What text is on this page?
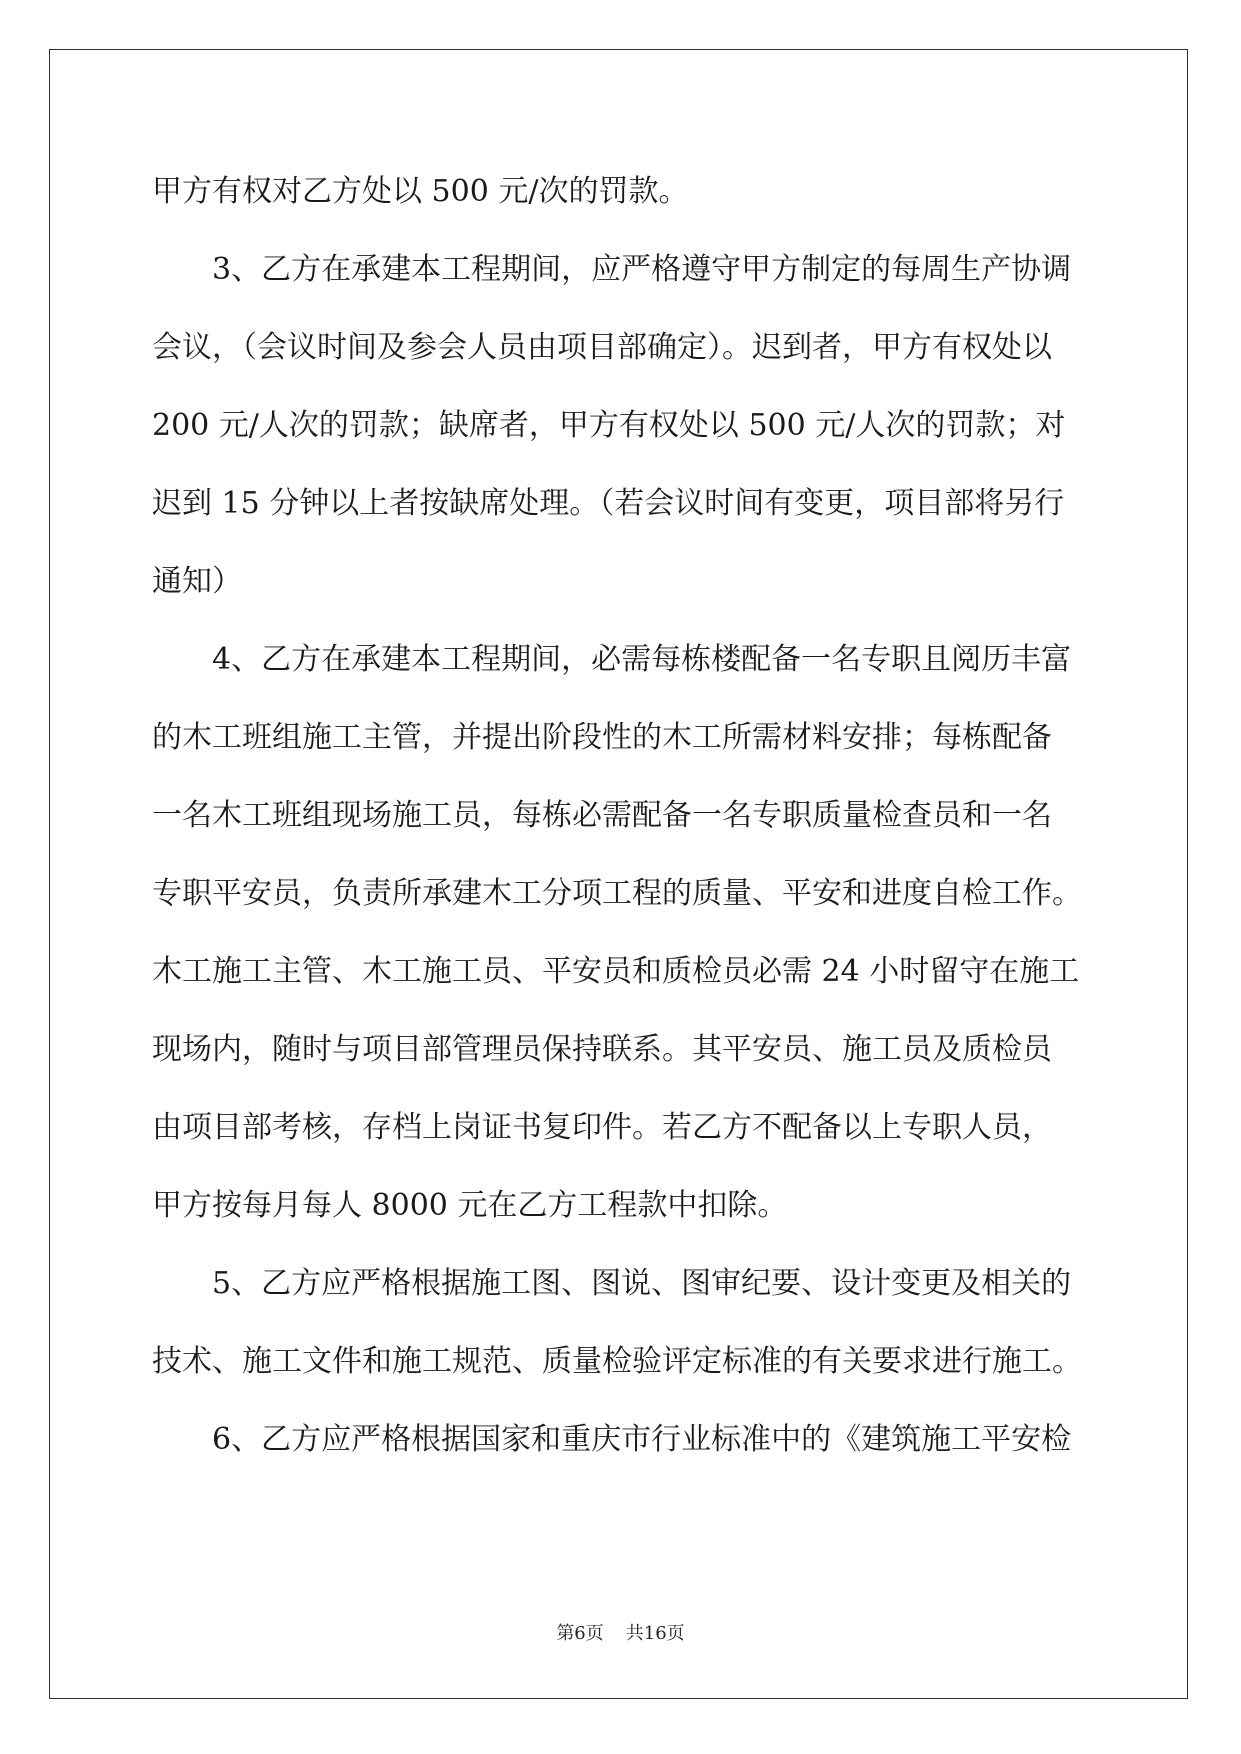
甲方有权对乙方处以 500 元/次的罚款。
　　3、乙方在承建本工程期间，应严格遵守甲方制定的每周生产协调
会议，（会议时间及参会人员由项目部确定）。迟到者，甲方有权处以
200 元/人次的罚款；缺席者，甲方有权处以 500 元/人次的罚款；对
迟到 15 分钟以上者按缺席处理。（若会议时间有变更，项目部将另行
通知）
　　4、乙方在承建本工程期间，必需每栋楼配备一名专职且阅历丰富
的木工班组施工主管，并提出阶段性的木工所需材料安排；每栋配备
一名木工班组现场施工员，每栋必需配备一名专职质量检查员和一名
专职平安员，负责所承建木工分项工程的质量、平安和进度自检工作。
木工施工主管、木工施工员、平安员和质检员必需 24 小时留守在施工
现场内，随时与项目部管理员保持联系。其平安员、施工员及质检员
由项目部考核，存档上岗证书复印件。若乙方不配备以上专职人员，
甲方按每月每人 8000 元在乙方工程款中扣除。
　　5、乙方应严格根据施工图、图说、图审纪要、设计变更及相关的
技术、施工文件和施工规范、质量检验评定标准的有关要求进行施工。
　　6、乙方应严格根据国家和重庆市行业标准中的《建筑施工平安检
第6页 共16页
